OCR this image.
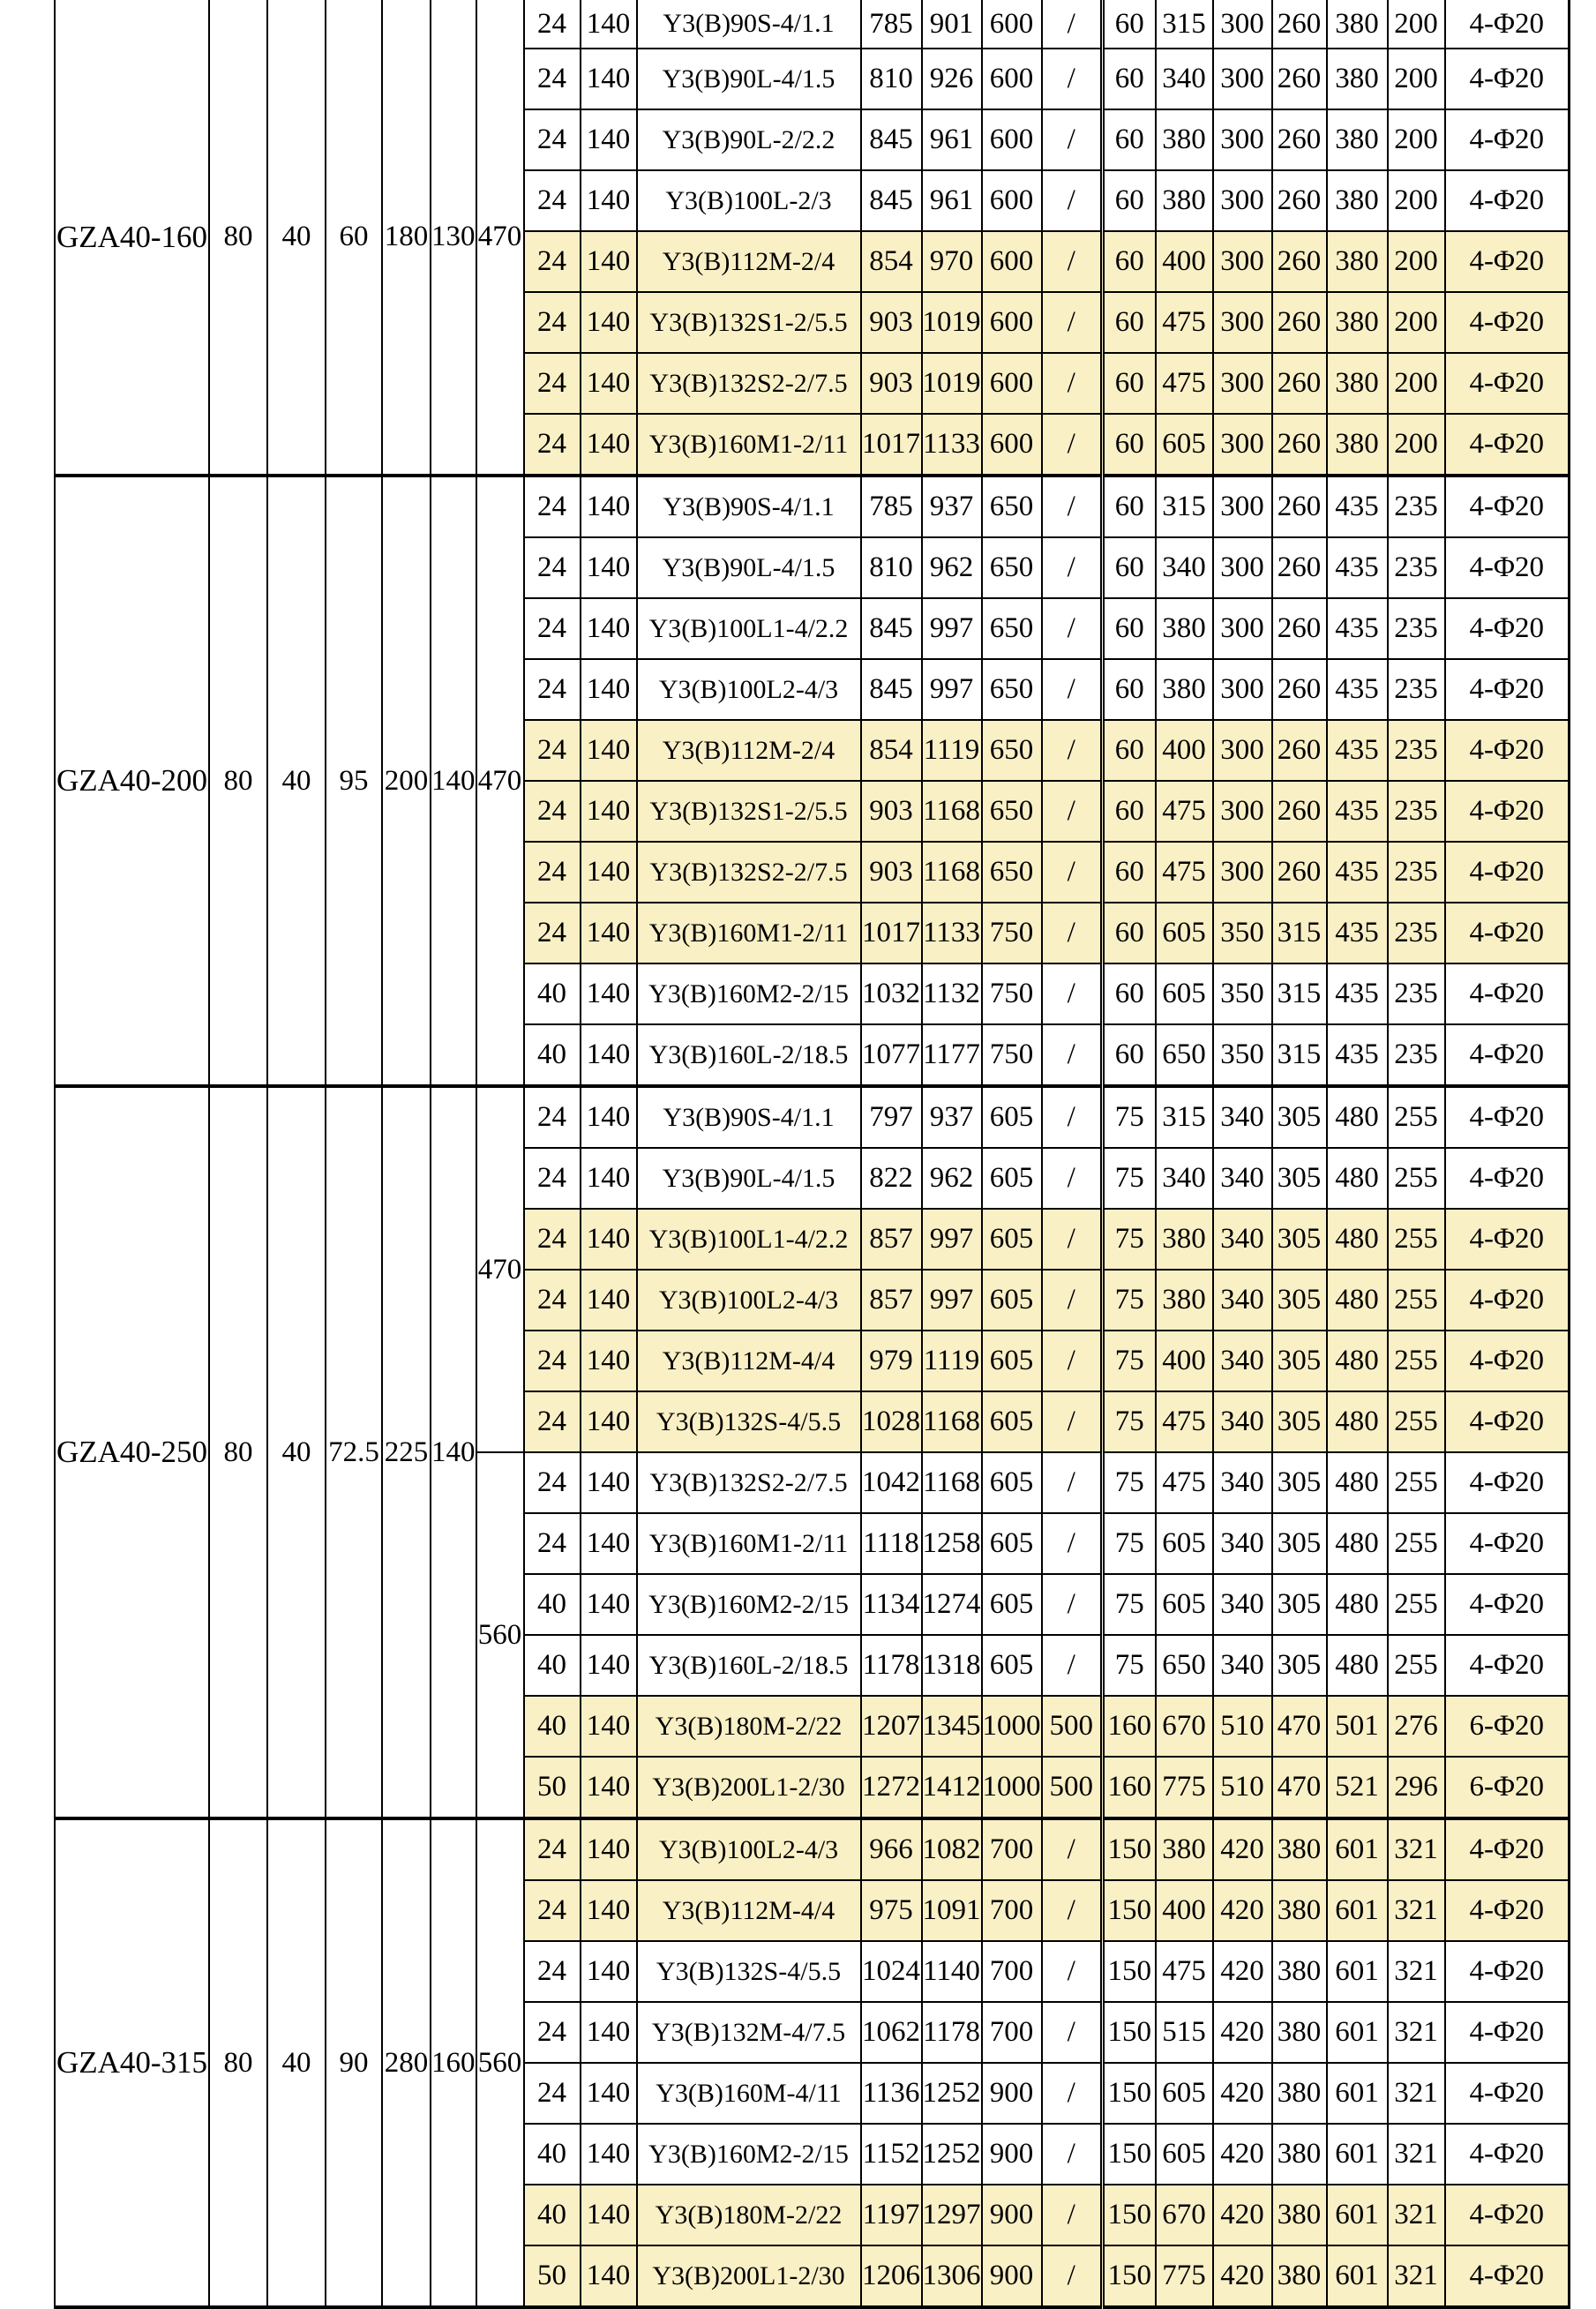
	GZA40-160	80	40	60	180	130	470	24	140	Y3(B)90S-4/1.1	785	901	600	/	60	315	300	260	380	200	4-Φ20
								24	140	Y3(B)90L-4/1.5	810	926	600	/	60	340	300	260	380	200	4-Φ20
								24	140	Y3(B)90L-2/2.2	845	961	600	/	60	380	300	260	380	200	4-Φ20
								24	140	Y3(B)100L-2/3	845	961	600	/	60	380	300	260	380	200	4-Φ20
								24	140	Y3(B)112M-2/4	854	970	600	/	60	400	300	260	380	200	4-Φ20
								24	140	Y3(B)132S1-2/5.5	903	1019	600	/	60	475	300	260	380	200	4-Φ20
								24	140	Y3(B)132S2-2/7.5	903	1019	600	/	60	475	300	260	380	200	4-Φ20
								24	140	Y3(B)160M1-2/11	1017	1133	600	/	60	605	300	260	380	200	4-Φ20
	GZA40-200	80	40	95	200	140	470	24	140	Y3(B)90S-4/1.1	785	937	650	/	60	315	300	260	435	235	4-Φ20
								24	140	Y3(B)90L-4/1.5	810	962	650	/	60	340	300	260	435	235	4-Φ20
								24	140	Y3(B)100L1-4/2.2	845	997	650	/	60	380	300	260	435	235	4-Φ20
								24	140	Y3(B)100L2-4/3	845	997	650	/	60	380	300	260	435	235	4-Φ20
								24	140	Y3(B)112M-2/4	854	1119	650	/	60	400	300	260	435	235	4-Φ20
								24	140	Y3(B)132S1-2/5.5	903	1168	650	/	60	475	300	260	435	235	4-Φ20
								24	140	Y3(B)132S2-2/7.5	903	1168	650	/	60	475	300	260	435	235	4-Φ20
								24	140	Y3(B)160M1-2/11	1017	1133	750	/	60	605	350	315	435	235	4-Φ20
								40	140	Y3(B)160M2-2/15	1032	1132	750	/	60	605	350	315	435	235	4-Φ20
								40	140	Y3(B)160L-2/18.5	1077	1177	750	/	60	650	350	315	435	235	4-Φ20
	GZA40-250	80	40	72.5	225	140	470	24	140	Y3(B)90S-4/1.1	797	937	605	/	75	315	340	305	480	255	4-Φ20
								24	140	Y3(B)90L-4/1.5	822	962	605	/	75	340	340	305	480	255	4-Φ20
								24	140	Y3(B)100L1-4/2.2	857	997	605	/	75	380	340	305	480	255	4-Φ20
								24	140	Y3(B)100L2-4/3	857	997	605	/	75	380	340	305	480	255	4-Φ20
								24	140	Y3(B)112M-4/4	979	1119	605	/	75	400	340	305	480	255	4-Φ20
								24	140	Y3(B)132S-4/5.5	1028	1168	605	/	75	475	340	305	480	255	4-Φ20
							560	24	140	Y3(B)132S2-2/7.5	1042	1168	605	/	75	475	340	305	480	255	4-Φ20
								24	140	Y3(B)160M1-2/11	1118	1258	605	/	75	605	340	305	480	255	4-Φ20
								40	140	Y3(B)160M2-2/15	1134	1274	605	/	75	605	340	305	480	255	4-Φ20
								40	140	Y3(B)160L-2/18.5	1178	1318	605	/	75	650	340	305	480	255	4-Φ20
								40	140	Y3(B)180M-2/22	1207	1345	1000	500	160	670	510	470	501	276	6-Φ20
								50	140	Y3(B)200L1-2/30	1272	1412	1000	500	160	775	510	470	521	296	6-Φ20
	GZA40-315	80	40	90	280	160	560	24	140	Y3(B)100L2-4/3	966	1082	700	/	150	380	420	380	601	321	4-Φ20
								24	140	Y3(B)112M-4/4	975	1091	700	/	150	400	420	380	601	321	4-Φ20
								24	140	Y3(B)132S-4/5.5	1024	1140	700	/	150	475	420	380	601	321	4-Φ20
								24	140	Y3(B)132M-4/7.5	1062	1178	700	/	150	515	420	380	601	321	4-Φ20
								24	140	Y3(B)160M-4/11	1136	1252	900	/	150	605	420	380	601	321	4-Φ20
								40	140	Y3(B)160M2-2/15	1152	1252	900	/	150	605	420	380	601	321	4-Φ20
								40	140	Y3(B)180M-2/22	1197	1297	900	/	150	670	420	380	601	321	4-Φ20
								50	140	Y3(B)200L1-2/30	1206	1306	900	/	150	775	420	380	601	321	4-Φ20
